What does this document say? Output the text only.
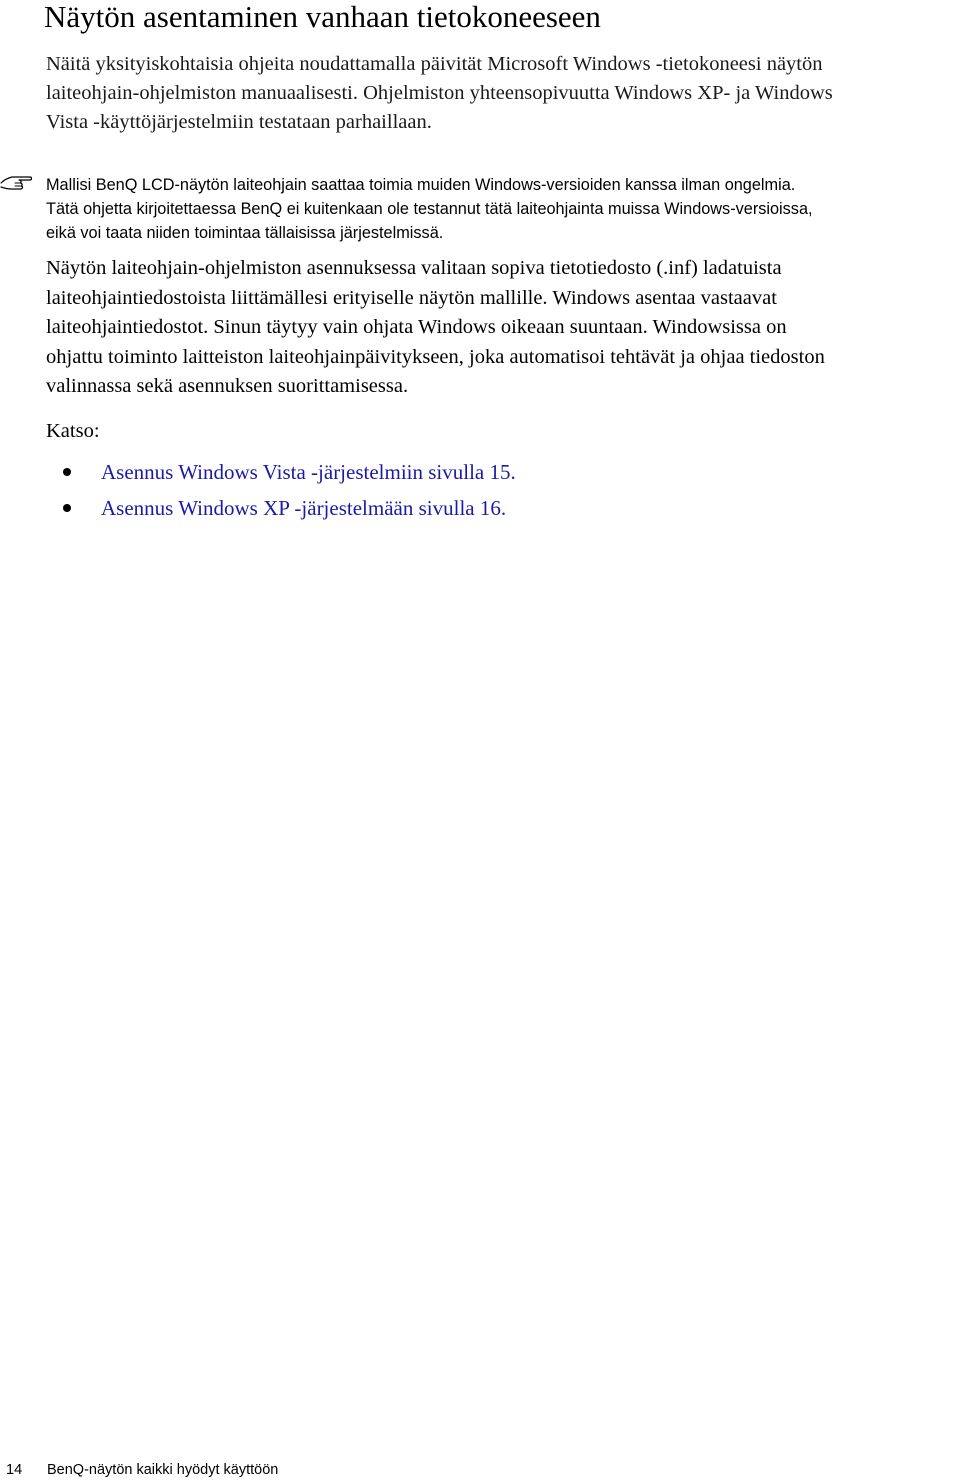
Näytön asentaminen vanhaan tietokoneeseen

Näitä yksityiskohtaisia ohjeita noudattamalla päivität Microsoft Windows -tietokoneesi näytön
laiteohjain-ohjelmiston manuaalisesti. Ohjelmiston yhteensopivuutta Windows XP- ja Windows
Vista -käyttöjärjestelmiin testataan parhaillaan.

Mallisi BenQ LCD-näytön laiteohjain saattaa toimia muiden Windows-versioiden kanssa ilman ongelmia.
Tätä ohjetta kirjoitettaessa BenQ ei kuitenkaan ole testannut tätä laiteohjainta muissa Windows-versioissa,
eikä voi taata niiden toimintaa tällaisissa järjestelmissä.

Näytön laiteohjain-ohjelmiston asennuksessa valitaan sopiva tietotiedosto (.inf) ladatuista
laiteohjaintiedostoista liittämällesi erityiselle näytön mallille. Windows asentaa vastaavat
laiteohjaintiedostot. Sinun täytyy vain ohjata Windows oikeaan suuntaan. Windowsissa on
ohjattu toiminto laitteiston laiteohjainpäivitykseen, joka automatisoi tehtävät ja ohjaa tiedoston
valinnassa sekä asennuksen suorittamisessa.

Katso:

Asennus Windows Vista -järjestelmiin sivulla 15.
Asennus Windows XP -järjestelmään sivulla 16.
14 BenQ-näytön kaikki hyödyt käyttöön
